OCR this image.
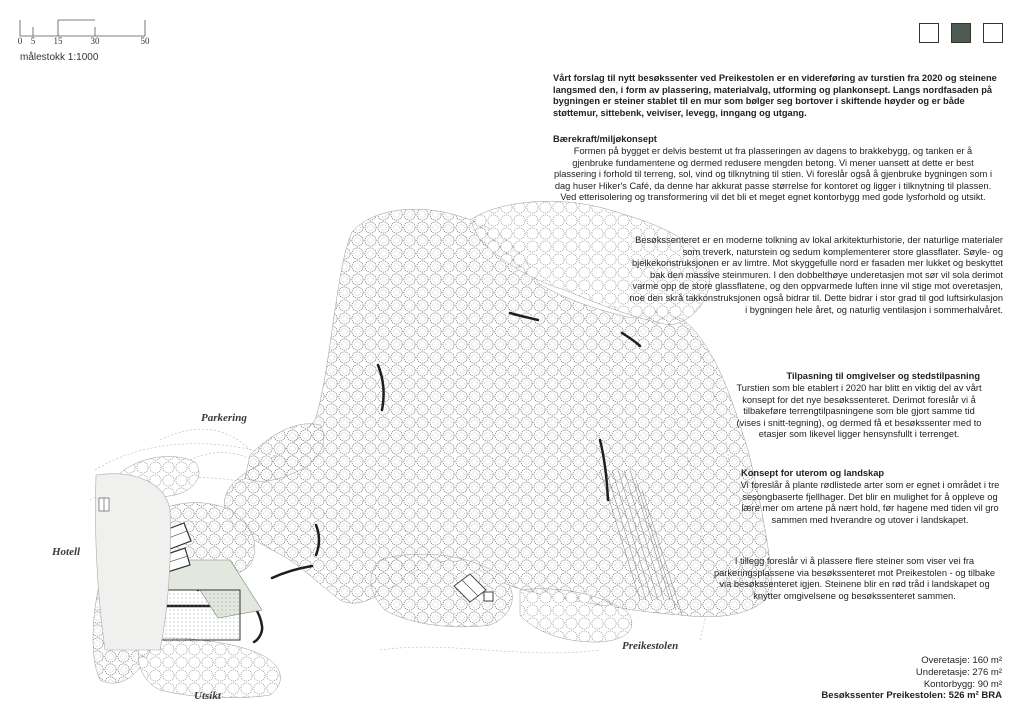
0 5 15	30	50
målestokk 1:1000
Parkering
Hotell
Utsikt
Preikestolen
Vårt forslag til nytt besøkssenter ved Preikestolen er en videreføring av turstien fra 2020 og steinene langsmed den, i form av plassering, materialvalg, utforming og plankonsept. Langs nordfasaden på bygningen er steiner stablet til en mur som bølger seg bortover i skiftende høyder og er både støttemur, sittebenk, veiviser, levegg, inngang og utgang.
Bærekraft/miljøkonsept
Formen på bygget er delvis bestemt ut fra plasseringen av dagens to brakkebygg, og tanken er å gjenbruke fundamentene og dermed redusere mengden betong. Vi mener uansett at dette er best plassering i forhold til terreng, sol, vind og tilknytning til stien. Vi foreslår også å gjenbruke bygningen som i dag huser Hiker's Café, da denne har akkurat passe størrelse for kontoret og ligger i tilknytning til plassen. Ved etterisolering og transformering vil det bli et meget egnet kontorbygg med gode lysforhold og utsikt.
Besøkssenteret er en moderne tolkning av lokal arkitekturhistorie, der naturlige materialer som treverk, naturstein og sedum komplementerer store glassflater. Søyle- og bjelkekonstruksjonen er av limtre. Mot skyggefulle nord er fasaden mer lukket og beskyttet bak den massive steinmuren. I den dobbelthøye underetasjen mot sør vil sola derimot varme opp de store glassflatene, og den oppvarmede luften inne vil stige mot overetasjen, noe den skrå takkonstruksjonen også bidrar til. Dette bidrar i stor grad til god luftsirkulasjon i bygningen hele året, og naturlig ventilasjon i sommerhalvåret.
Tilpasning til omgivelser og stedstilpasning
Turstien som ble etablert i 2020 har blitt en viktig del av vårt konsept for det nye besøkssenteret. Derimot foreslår vi å tilbakeføre terrengtilpasningene som ble gjort samme tid (vises i snitt-tegning), og dermed få et besøkssenter med to etasjer som likevel ligger hensynsfullt i terrenget.
Konsept for uterom og landskap
Vi foreslår å plante rødlistede arter som er egnet i området i tre sesongbaserte fjellhager. Det blir en mulighet for å oppleve og lære mer om artene på nært hold, før hagene med tiden vil gro sammen med hverandre og utover i landskapet.
I tillegg foreslår vi å plassere flere steiner som viser vei fra parkeringsplassene via besøkssenteret mot Preikestolen - og tilbake via besøkssenteret igjen. Steinene blir en rød tråd i landskapet og knytter omgivelsene og besøkssenteret sammen.
Overetasje: 160 m²
Underetasje: 276 m²
Kontorbygg: 90 m²
Besøkssenter Preikestolen: 526 m² BRA
